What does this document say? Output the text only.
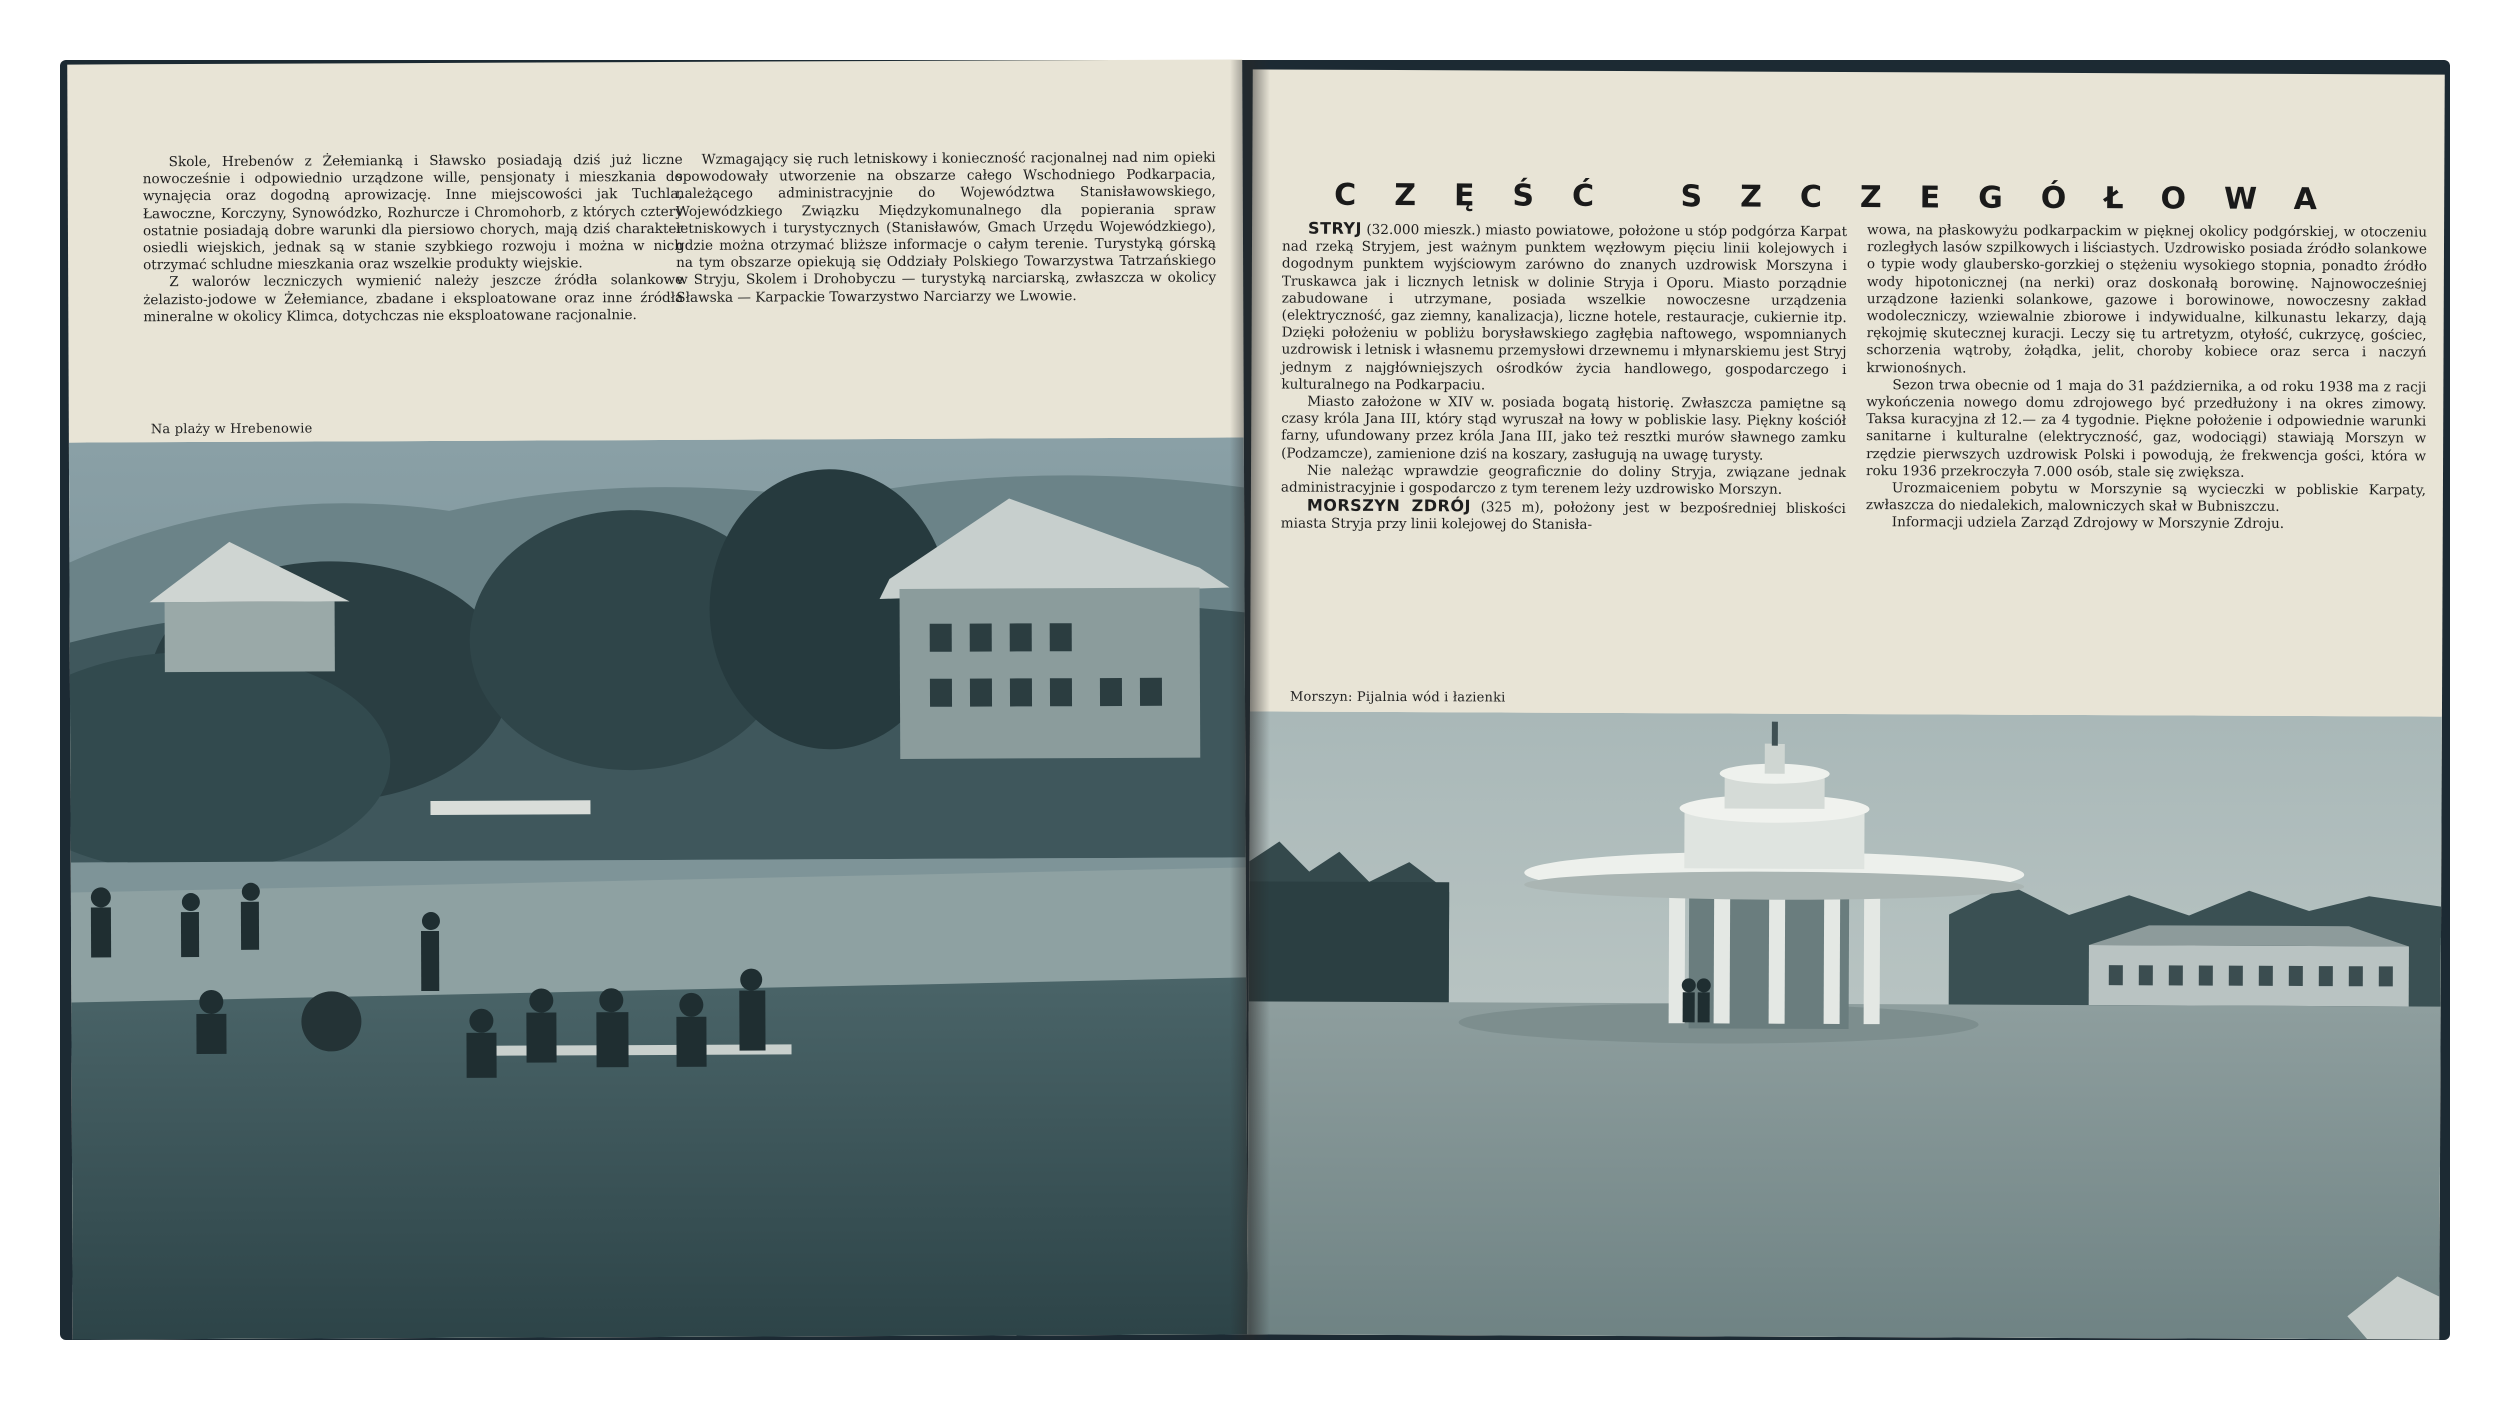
Skole, Hrebenów z Żełemianką i Sławsko posiadają dziś już liczne nowocześnie i odpowiednio urządzone wille, pensjonaty i mieszkania do wynajęcia oraz dogodną aprowizację. Inne miejscowości jak Tuchla, Ławoczne, Korczyny, Synowódzko, Rozhurcze i Chromohorb, z których cztery ostatnie posiadają dobre warunki dla piersiowo chorych, mają dziś charakter osiedli wiejskich, jednak są w stanie szybkiego rozwoju i można w nich otrzymać schludne mieszkania oraz wszelkie produkty wiejskie.

Z walorów leczniczych wymienić należy jeszcze źródła solankowe żelazisto-jodowe w Żełemiance, zbadane i eksploatowane oraz inne źródła mineralne w okolicy Klimca, dotychczas nie eksploatowane racjonalnie.

Wzmagający się ruch letniskowy i konieczność racjonalnej nad nim opieki spowodowały utworzenie na obszarze całego Wschodniego Podkarpacia, należącego administracyjnie do Województwa Stanisławowskiego, Wojewódzkiego Związku Międzykomunalnego dla popierania spraw letniskowych i turystycznych (Stanisławów, Gmach Urzędu Wojewódzkiego), gdzie można otrzymać bliższe informacje o całym terenie. Turystyką górską na tym obszarze opiekują się Oddziały Polskiego Towarzystwa Tatrzańskiego w Stryju, Skolem i Drohobyczu — turystyką narciarską, zwłaszcza w okolicy Sławska — Karpackie Towarzystwo Narciarzy we Lwowie.

Na plaży w Hrebenowie
CZĘŚĆ SZCZEGÓŁOWA

STRYJ (32.000 mieszk.) miasto powiatowe, położone u stóp podgórza Karpat nad rzeką Stryjem, jest ważnym punktem węzłowym pięciu linii kolejowych i dogodnym punktem wyjściowym zarówno do znanych uzdrowisk Morszyna i Truskawca jak i licznych letnisk w dolinie Stryja i Oporu. Miasto porządnie zabudowane i utrzymane, posiada wszelkie nowoczesne urządzenia (elektryczność, gaz ziemny, kanalizacja), liczne hotele, restauracje, cukiernie itp. Dzięki położeniu w pobliżu borysławskiego zagłębia naftowego, wspomnianych uzdrowisk i letnisk i własnemu przemysłowi drzewnemu i młynarskiemu jest Stryj jednym z najgłówniejszych ośrodków życia handlowego, gospodarczego i kulturalnego na Podkarpaciu.

Miasto założone w XIV w. posiada bogatą historię. Zwłaszcza pamiętne są czasy króla Jana III, który stąd wyruszał na łowy w pobliskie lasy. Piękny kościół farny, ufundowany przez króla Jana III, jako też resztki murów sławnego zamku (Podzamcze), zamienione dziś na koszary, zasługują na uwagę turysty.

Nie należąc wprawdzie geograficznie do doliny Stryja, związane jednak administracyjnie i gospodarczo z tym terenem leży uzdrowisko Morszyn.

MORSZYN ZDRÓJ (325 m), położony jest w bezpośredniej bliskości miasta Stryja przy linii kolejowej do Stanisła-

wowa, na płaskowyżu podkarpackim w pięknej okolicy podgórskiej, w otoczeniu rozległych lasów szpilkowych i liściastych. Uzdrowisko posiada źródło solankowe o typie wody glaubersko-gorzkiej o stężeniu wysokiego stopnia, ponadto źródło wody hipotonicznej (na nerki) oraz doskonałą borowinę. Najnowocześniej urządzone łazienki solankowe, gazowe i borowinowe, nowoczesny zakład wodoleczniczy, wziewalnie zbiorowe i indywidualne, kilkunastu lekarzy, dają rękojmię skutecznej kuracji. Leczy się tu artretyzm, otyłość, cukrzycę, gościec, schorzenia wątroby, żołądka, jelit, choroby kobiece oraz serca i naczyń krwionośnych.

Sezon trwa obecnie od 1 maja do 31 października, a od roku 1938 ma z racji wykończenia nowego domu zdrojowego być przedłużony i na okres zimowy. Taksa kuracyjna zł 12.— za 4 tygodnie. Piękne położenie i odpowiednie warunki sanitarne i kulturalne (elektryczność, gaz, wodociągi) stawiają Morszyn w rzędzie pierwszych uzdrowisk Polski i powodują, że frekwencja gości, która w roku 1936 przekroczyła 7.000 osób, stale się zwiększa.

Urozmaiceniem pobytu w Morszynie są wycieczki w pobliskie Karpaty, zwłaszcza do niedalekich, malowniczych skał w Bubniszczu.

Informacji udziela Zarząd Zdrojowy w Morszynie Zdroju.

Morszyn: Pijalnia wód i łazienki
